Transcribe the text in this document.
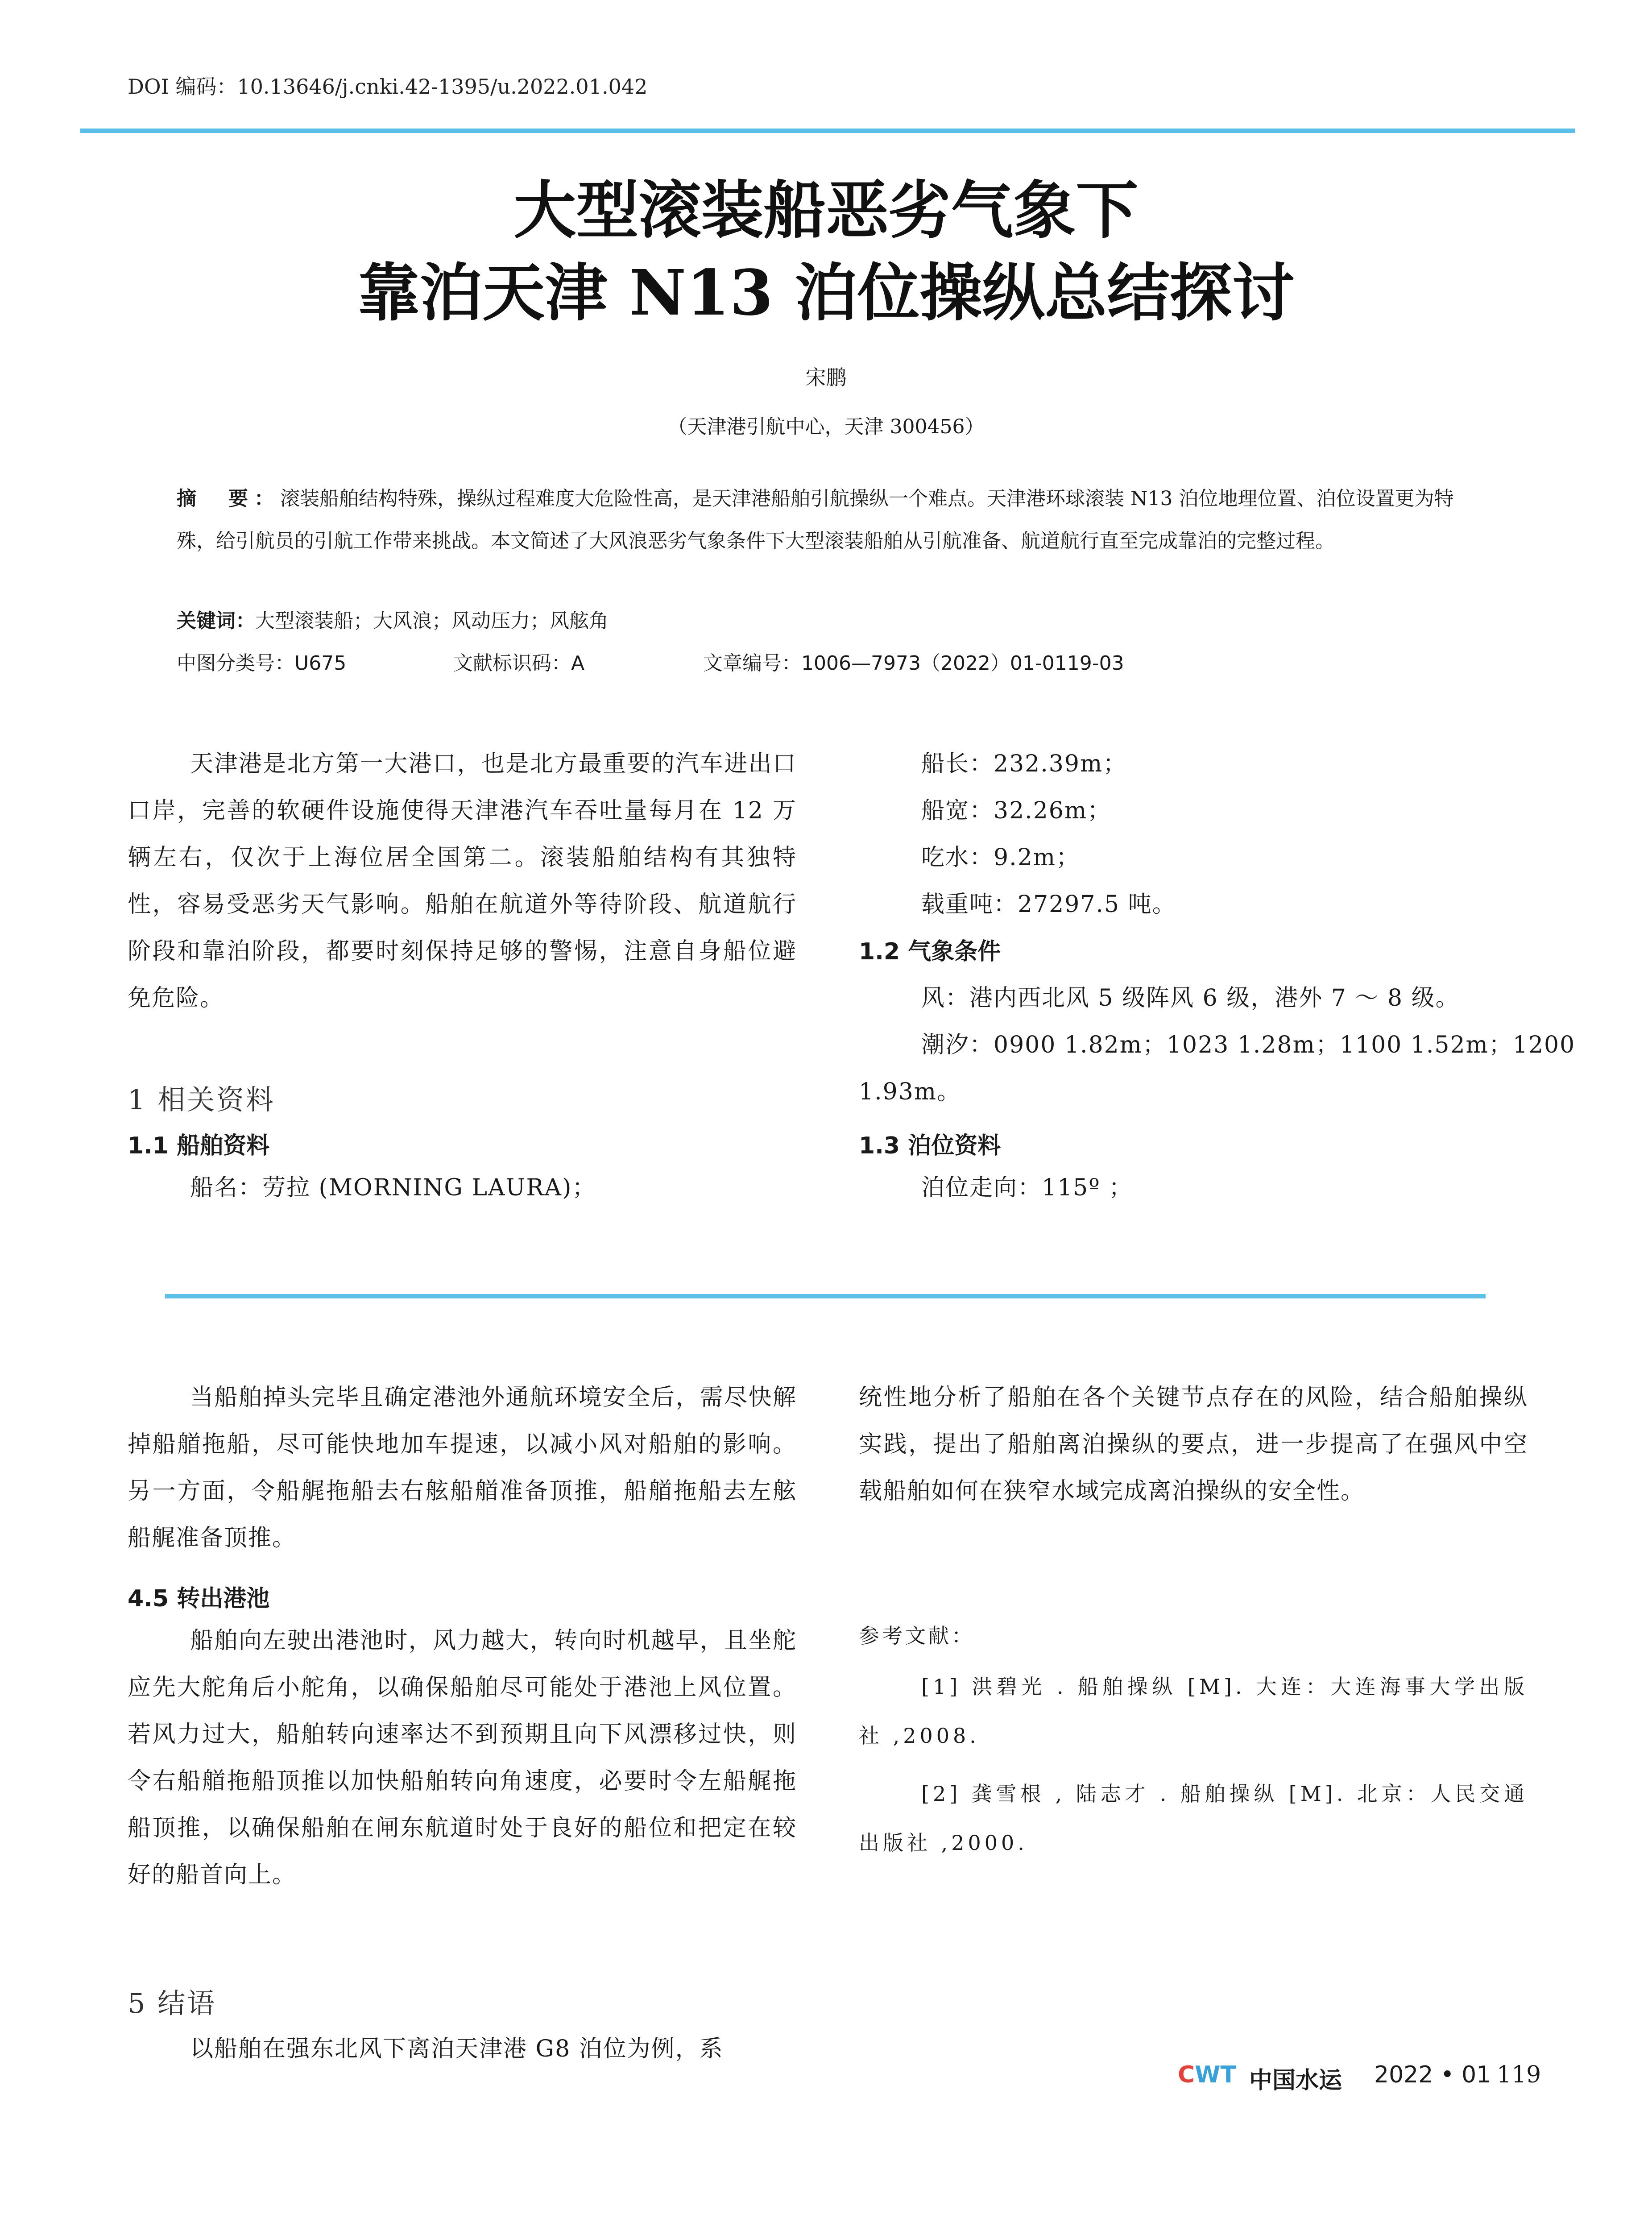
DOI 编码：10.13646/j.cnki.42-1395/u.2022.01.042
大型滚装船恶劣气象下
靠泊天津 N13 泊位操纵总结探讨
宋鹏
（天津港引航中心，天津 300456）
摘　要：滚装船舶结构特殊，操纵过程难度大危险性高，是天津港船舶引航操纵一个难点。天津港环球滚装 N13 泊位地理位置、泊位设置更为特殊，给引航员的引航工作带来挑战。本文简述了大风浪恶劣气象条件下大型滚装船舶从引航准备、航道航行直至完成靠泊的完整过程。
关键词：大型滚装船；大风浪；风动压力；风舷角
中图分类号：U675	文献标识码：A	文章编号：1006—7973（2022）01-0119-03

天津港是北方第一大港口，也是北方最重要的汽车进出口口岸，完善的软硬件设施使得天津港汽车吞吐量每月在 12 万辆左右，仅次于上海位居全国第二。滚装船舶结构有其独特性，容易受恶劣天气影响。船舶在航道外等待阶段、航道航行阶段和靠泊阶段，都要时刻保持足够的警惕，注意自身船位避免危险。

1 相关资料
1.1 船舶资料
船名：劳拉 (MORNING LAURA)；
船长：232.39m；
船宽：32.26m；
吃水：9.2m；
载重吨：27297.5 吨。
1.2 气象条件
风：港内西北风 5 级阵风 6 级，港外 7 ～ 8 级。
潮汐：0900 1.82m；1023 1.28m；1100 1.52m；1200
1.93m。
1.3 泊位资料
泊位走向：115º ；

当船舶掉头完毕且确定港池外通航环境安全后，需尽快解掉船艏拖船，尽可能快地加车提速，以减小风对船舶的影响。另一方面，令船艉拖船去右舷船艏准备顶推，船艏拖船去左舷船艉准备顶推。

4.5 转出港池

船舶向左驶出港池时，风力越大，转向时机越早，且坐舵应先大舵角后小舵角，以确保船舶尽可能处于港池上风位置。若风力过大，船舶转向速率达不到预期且向下风漂移过快，则令右船艏拖船顶推以加快船舶转向角速度，必要时令左船艉拖船顶推，以确保船舶在闸东航道时处于良好的船位和把定在较好的船首向上。

5 结语

以船舶在强东北风下离泊天津港 G8 泊位为例，系

统性地分析了船舶在各个关键节点存在的风险，结合船舶操纵实践，提出了船舶离泊操纵的要点，进一步提高了在强风中空载船舶如何在狭窄水域完成离泊操纵的安全性。

参考文献：

[1] 洪碧光 . 船舶操纵 [M]. 大连：大连海事大学出版社 ,2008.

[2] 龚雪根 , 陆志才 . 船舶操纵 [M]. 北京：人民交通出版社 ,2000.

CWT 中国水运 2022 • 01 119
